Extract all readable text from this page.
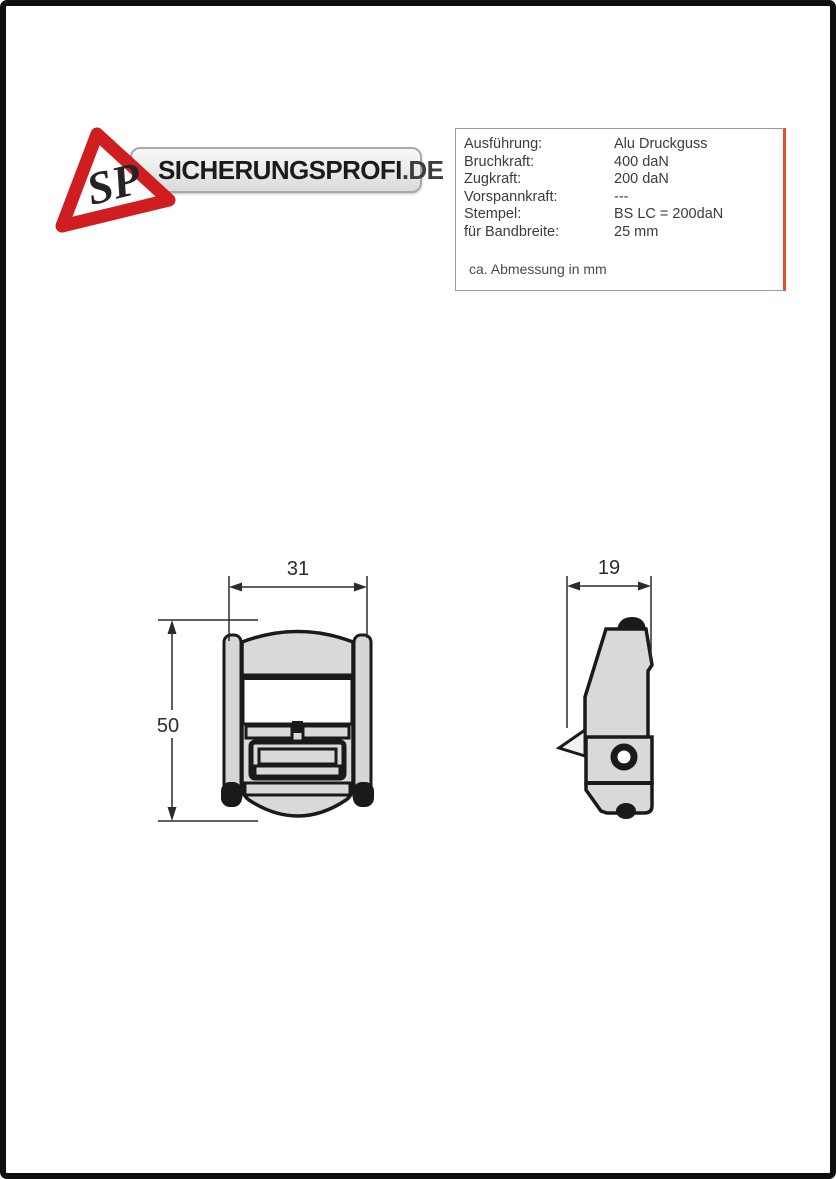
SICHERUNGSPROFI .DE
SP
Ausführung:	Alu Druckguss
Bruchkraft:	400 daN
Zugkraft:	200 daN
Vorspannkraft:	---
Stempel:	BS LC = 200daN
für Bandbreite:	25 mm
ca. Abmessung in mm
31
50
19
